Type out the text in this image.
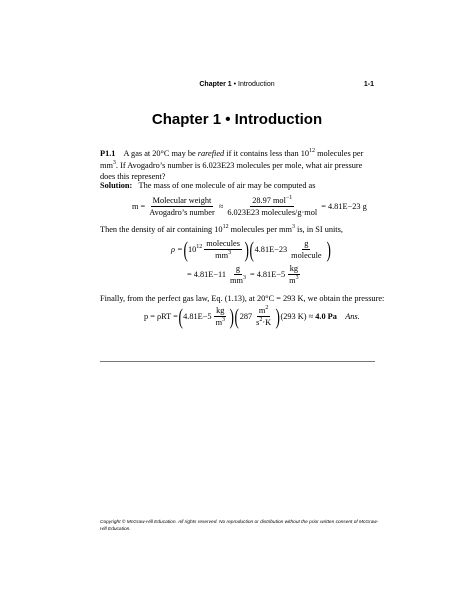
Chapter 1 • Introduction	1-1
Chapter 1 • Introduction
P1.1 A gas at 20°C may be rarefied if it contains less than $10^{12}$ molecules per $mm^3$. If Avogadro’s number is 6.023E23 molecules per mole, what air pressure does this represent?
Solution: The mass of one molecule of air may be computed as
$m = \frac{\text{Molecular weight}}{\text{Avogadro’s number}} \approx \frac{28.97 mol^{-1}}{\text{6.023E23 molecules/g·mol}} = 4.81E-23$ g
Then the density of air containing $10^{12}$ molecules per $mm^3$ is, in SI units,
ρ = ( $10^{12} \frac{\text{molecules}}{mm^3}$ ) ( $4.81E-23 \frac{g}{\text{molecule}}$ )
= $4.81E-11 \frac{g}{mm^3} = 4.81E-5 \frac{kg}{m^3}$
Finally, from the perfect gas law, Eq. (1.13), at 20°C = 293 K, we obtain the pressure:
p = ρRT = ( $4.81E-5 \frac{kg}{m^3}$ ) ( $287 \frac{m^2}{s^2\cdot K}$ ) (293 K) ≈
4.0 Pa
Ans.
Copyright © McGraw-Hill Education. All rights reserved. No reproduction or distribution without the prior written consent of McGraw-Hill Education.
